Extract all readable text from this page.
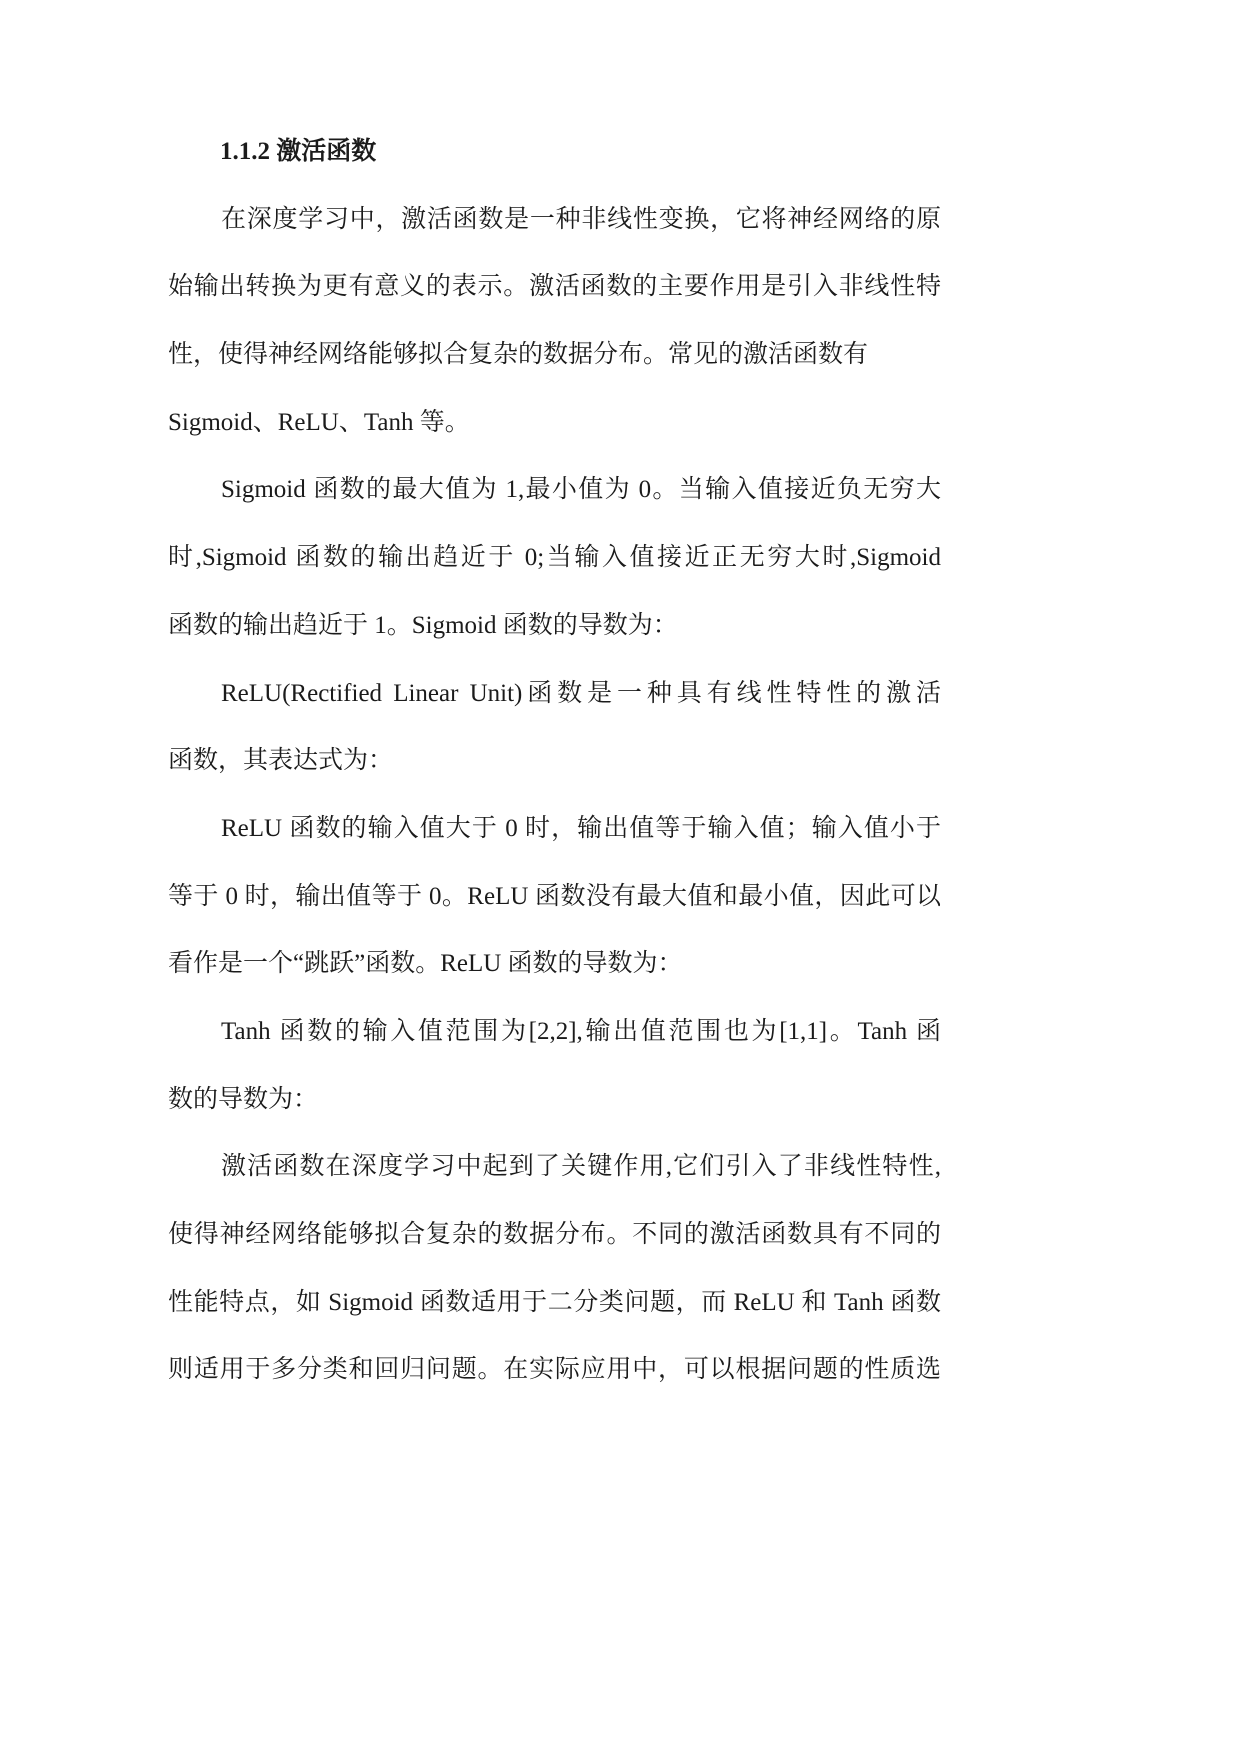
1.1.2 激活函数
在深度学习中，激活函数是一种非线性变换，它将神经网络的原
始输出转换为更有意义的表示。激活函数的主要作用是引入非线性特
性，使得神经网络能够拟合复杂的数据分布。常见的激活函数有
Sigmoid、ReLU、Tanh 等。
Sigmoid 函数的最大值为 1,最小值为 0。当输入值接近负无穷大
时,Sigmoid 函数的输出趋近于 0;当输入值接近正无穷大时,Sigmoid
函数的输出趋近于 1。Sigmoid 函数的导数为：
ReLU(Rectified Linear Unit)函数是一种具有线性特性的激活
函数，其表达式为：
ReLU 函数的输入值大于 0 时，输出值等于输入值；输入值小于
等于 0 时，输出值等于 0。ReLU 函数没有最大值和最小值，因此可以
看作是一个“跳跃”函数。ReLU 函数的导数为：
Tanh 函数的输入值范围为[2,2],输出值范围也为[1,1]。Tanh 函
数的导数为：
激活函数在深度学习中起到了关键作用,它们引入了非线性特性,
使得神经网络能够拟合复杂的数据分布。不同的激活函数具有不同的
性能特点，如 Sigmoid 函数适用于二分类问题，而 ReLU 和 Tanh 函数
则适用于多分类和回归问题。在实际应用中，可以根据问题的性质选
